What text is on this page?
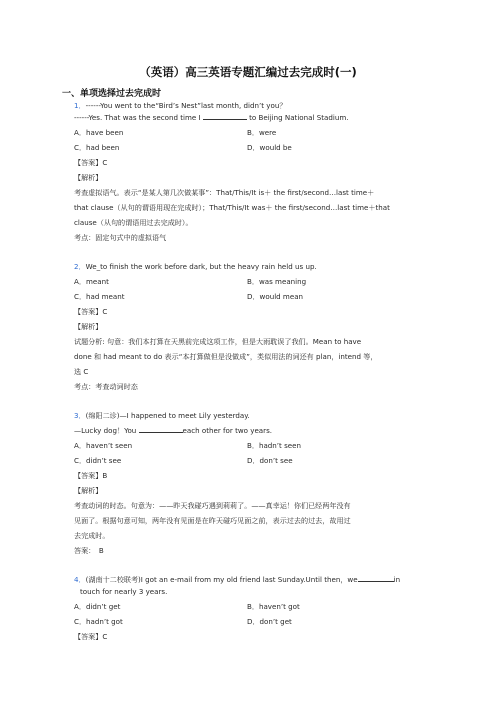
（英语）高三英语专题汇编过去完成时(一)
一、单项选择过去完成时
1．------You went to the“Bird’s Nest”last month, didn’t you？
------Yes. That was the second time I	to Beijing National Stadium.
A．have been	B．were
C．had been	D．would be
【答案】C
【解析】
考查虚拟语气。表示“是某人第几次做某事”：That/This/It is＋ the first/second…last time＋
that clause（从句的谓语用现在完成时）；That/This/It was＋ the first/second…last time＋that
clause（从句的谓语用过去完成时）。
考点：固定句式中的虚拟语气
2．We_to finish the work before dark, but the heavy rain held us up.
A．meant	B．was meaning
C．had meant	D．would mean
【答案】C
【解析】
试题分析: 句意：我们本打算在天黑前完成这项工作，但是大雨耽误了我们。Mean to have
done 和 had meant to do 表示“本打算做但是没做成”，类似用法的词还有 plan，intend 等，
选 C
考点：考查动词时态
3．(绵阳二诊)—I happened to meet Lily yesterday.
—Lucky dog！You	each other for two years.
A．haven’t seen	B．hadn’t seen
C．didn’t see	D．don’t see
【答案】B
【解析】
考查动词的时态。句意为：——昨天我碰巧遇到莉莉了。——真幸运！你们已经两年没有
见面了。根据句意可知，两年没有见面是在昨天碰巧见面之前，表示过去的过去，故用过
去完成时。
答案：　B
4．(湖南十二校联考)I got an e-mail from my old friend last Sunday.Until then，we	in
touch for nearly 3 years.
A．didn’t get	B．haven’t got
C．hadn’t got	D．don’t get
【答案】C
